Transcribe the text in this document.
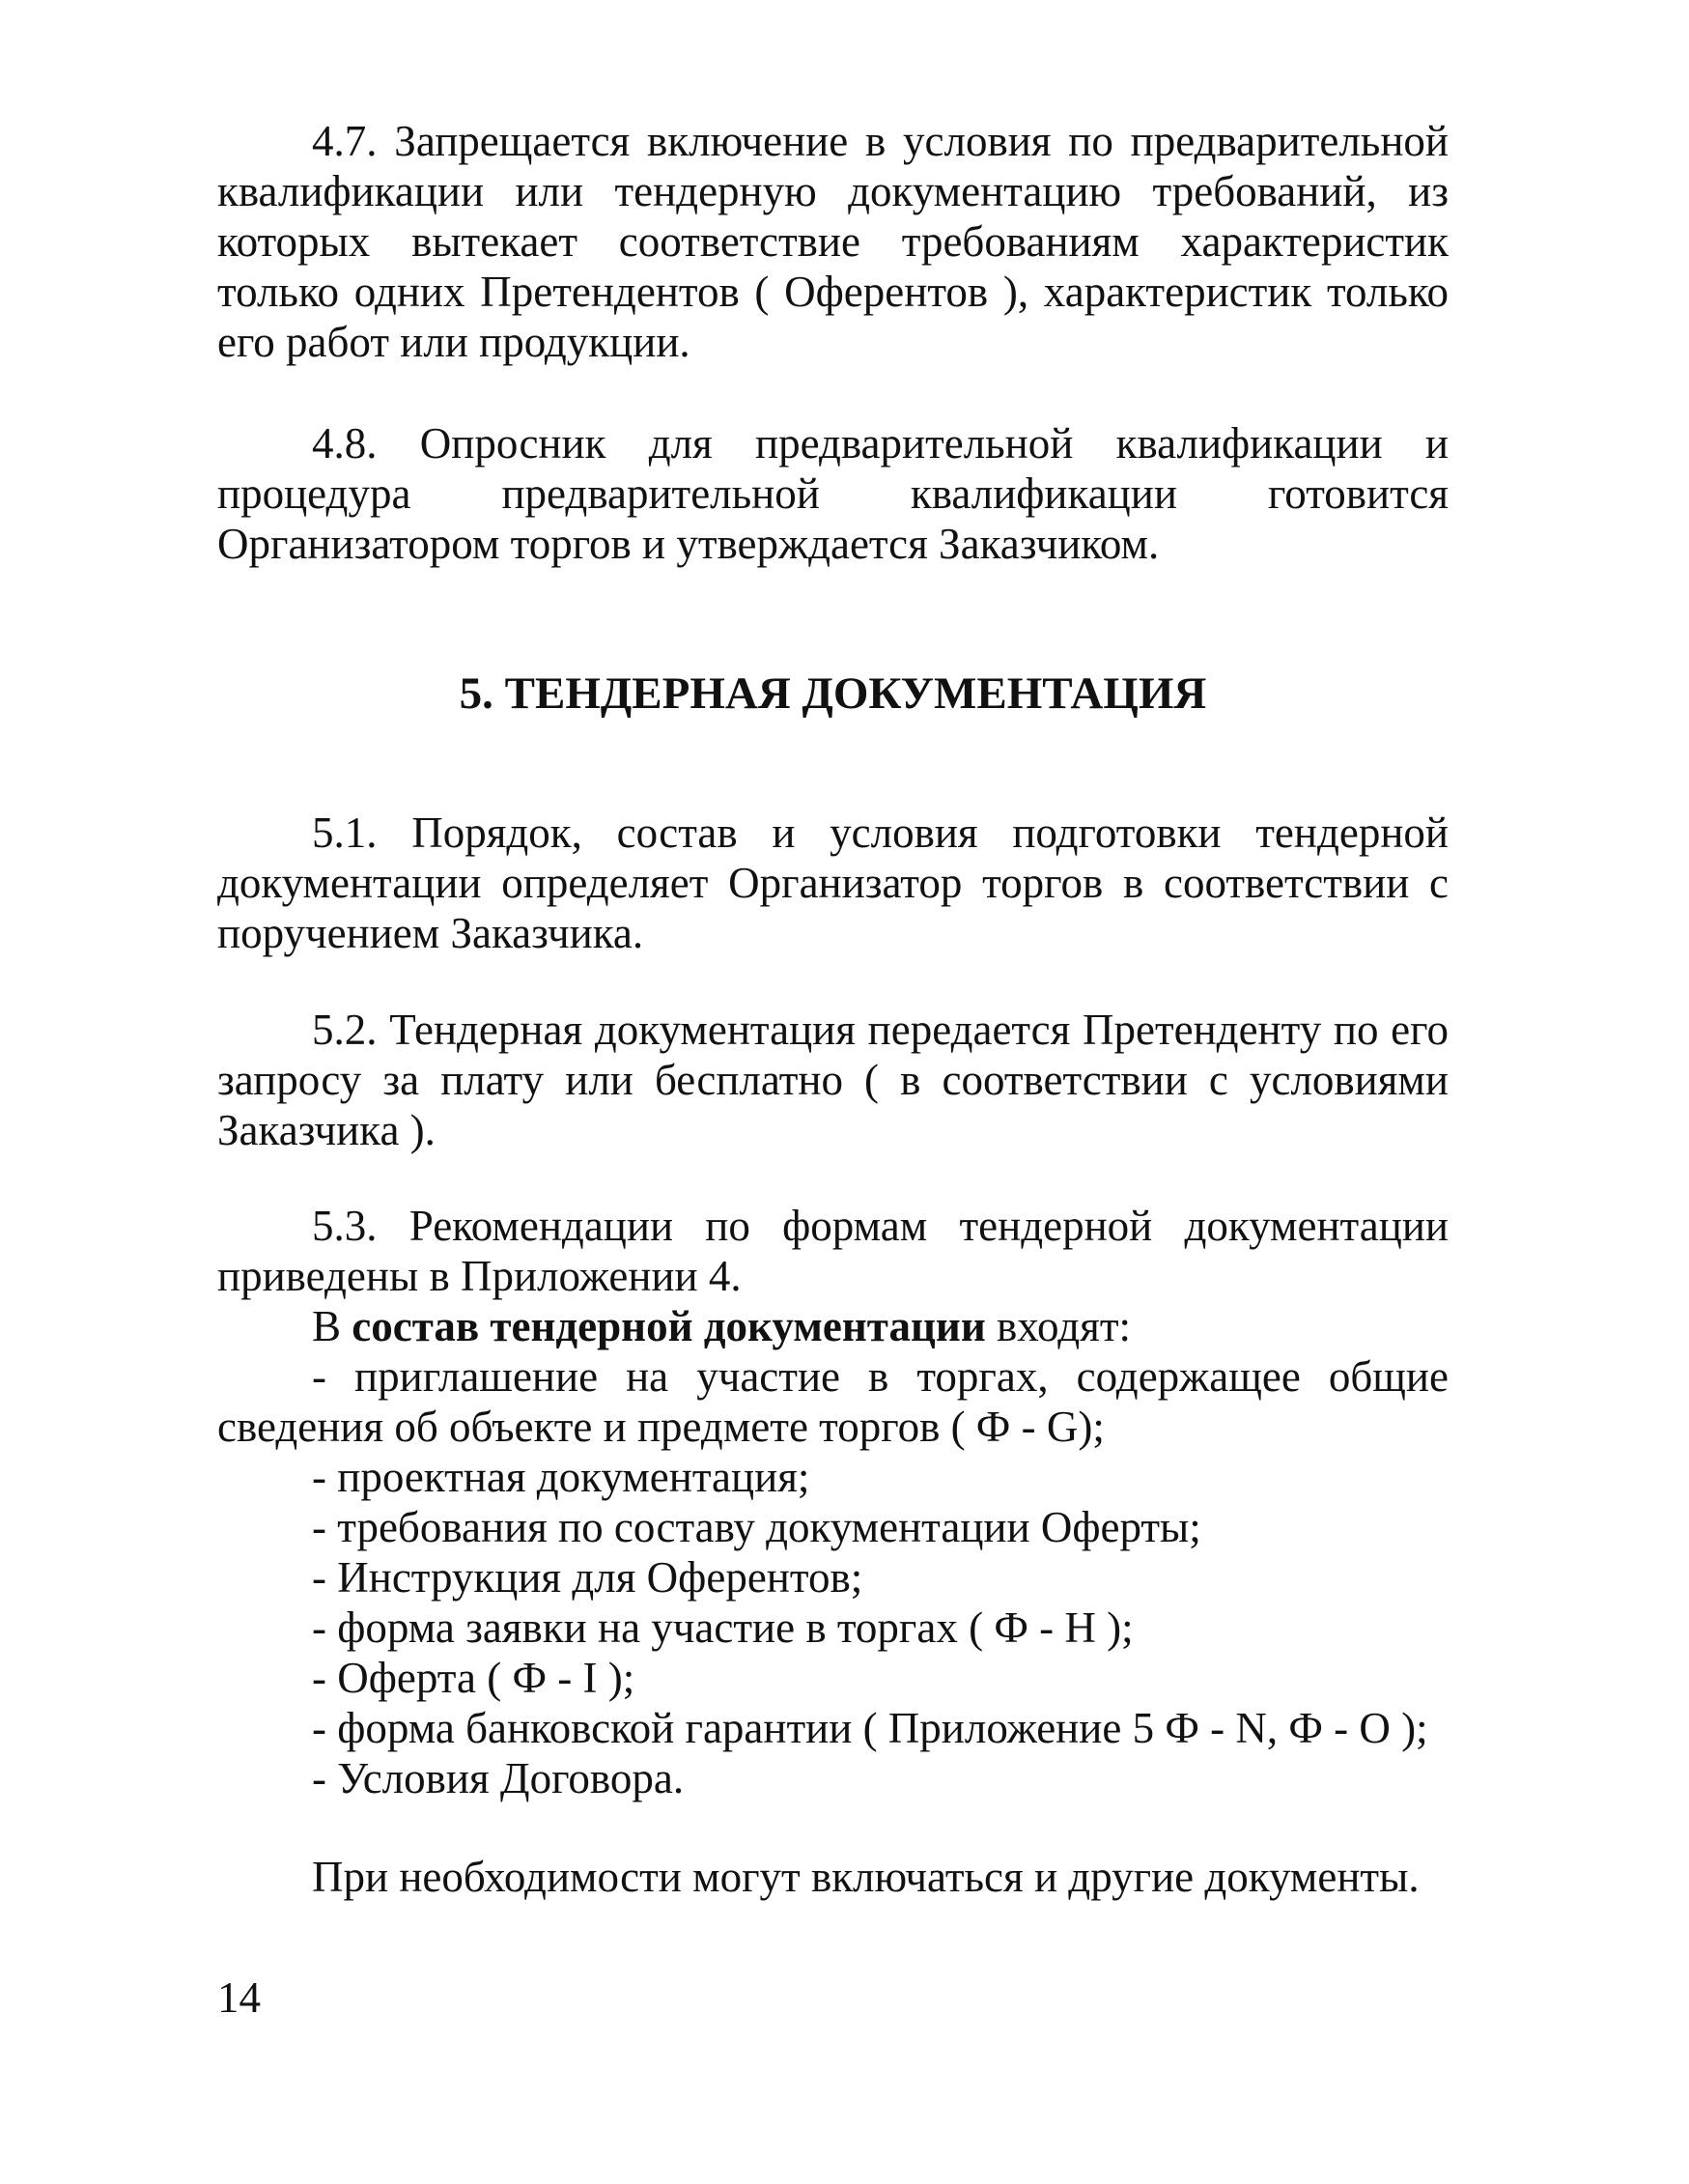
4.7. Запрещается включение в условия по предварительной квалификации или тендерную документацию требований, из которых вытекает соответствие требованиям характеристик только одних Претендентов ( Оферентов ), характеристик только его работ или продукции.

4.8. Опросник для предварительной квалификации и процедура предварительной квалификации готовится Организатором торгов и утверждается Заказчиком.

5. ТЕНДЕРНАЯ ДОКУМЕНТАЦИЯ

5.1. Порядок, состав и условия подготовки тендерной документации определяет Организатор торгов в соответствии с поручением Заказчика.

5.2. Тендерная документация передается Претенденту по его запросу за плату или бесплатно ( в соответствии с условиями Заказчика ).

5.3. Рекомендации по формам тендерной документации приведены в Приложении 4.

В состав тендерной документации входят:

- приглашение на участие в торгах, содержащее общие сведения об объекте и предмете торгов ( Ф - G);

- проектная документация;

- требования по составу документации Оферты;

- Инструкция для Оферентов;

- форма заявки на участие в торгах ( Ф - H );

- Оферта ( Ф - I );

- форма банковской гарантии ( Приложение 5 Ф - N, Ф - O );

- Условия Договора.

При необходимости могут включаться и другие документы.

14
